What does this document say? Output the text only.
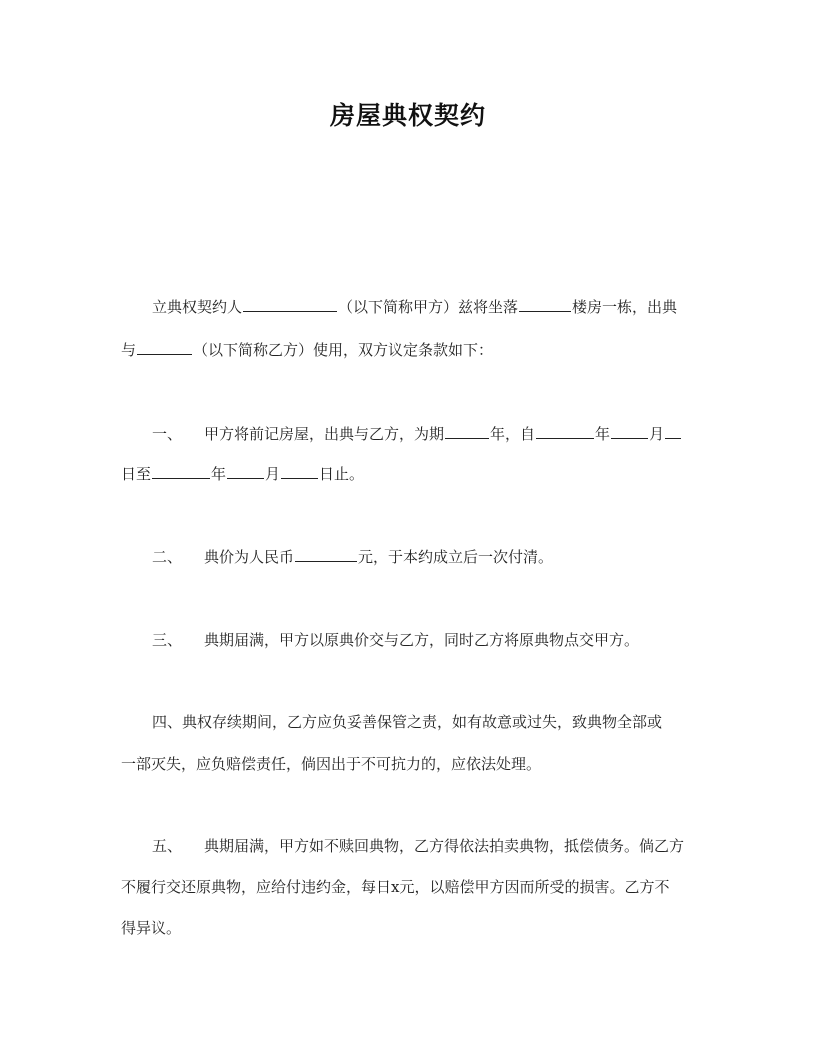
房屋典权契约
立典权契约人	（以下简称甲方）兹将坐落	楼房一栋，出典
与	（以下简称乙方）使用，双方议定条款如下：
一、 甲方将前记房屋，出典与乙方，为期	年，自	年	月
日至	年	月	日止。
二、 典价为人民币	元，于本约成立后一次付清。
三、 典期届满，甲方以原典价交与乙方，同时乙方将原典物点交甲方。
四、典权存续期间，乙方应负妥善保管之责，如有故意或过失，致典物全部或
一部灭失，应负赔偿责任，倘因出于不可抗力的，应依法处理。
五、 典期届满，甲方如不赎回典物，乙方得依法拍卖典物，抵偿债务。倘乙方
不履行交还原典物，应给付违约金，每日x元，以赔偿甲方因而所受的损害。乙方不
得异议。
